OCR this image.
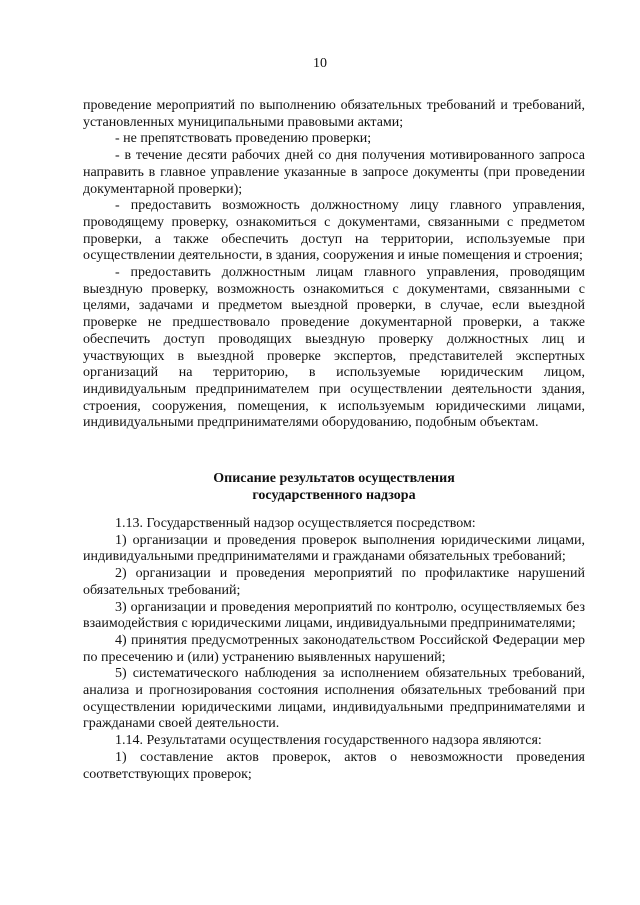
10

проведение мероприятий по выполнению обязательных требований и требований, установленных муниципальными правовыми актами;

- не препятствовать проведению проверки;

- в течение десяти рабочих дней со дня получения мотивированного запроса направить в главное управление указанные в запросе документы (при проведении документарной проверки);

- предоставить возможность должностному лицу главного управления, проводящему проверку, ознакомиться с документами, связанными с предметом проверки, а также обеспечить доступ на территории, используемые при осуществлении деятельности, в здания, сооружения и иные помещения и строения;

- предоставить должностным лицам главного управления, проводящим выездную проверку, возможность ознакомиться с документами, связанными с целями, задачами и предметом выездной проверки, в случае, если выездной проверке не предшествовало проведение документарной проверки, а также обеспечить доступ проводящих выездную проверку должностных лиц и участвующих в выездной проверке экспертов, представителей экспертных организаций на территорию, в используемые юридическим лицом, индивидуальным предпринимателем при осуществлении деятельности здания, строения, сооружения, помещения, к используемым юридическими лицами, индивидуальными предпринимателями оборудованию, подобным объектам.

Описание результатов осуществления

государственного надзора

1.13. Государственный надзор осуществляется посредством:

1) организации и проведения проверок выполнения юридическими лицами, индивидуальными предпринимателями и гражданами обязательных требований;

2) организации и проведения мероприятий по профилактике нарушений обязательных требований;

3) организации и проведения мероприятий по контролю, осуществляемых без взаимодействия с юридическими лицами, индивидуальными предпринимателями;

4) принятия предусмотренных законодательством Российской Федерации мер по пресечению и (или) устранению выявленных нарушений;

5) систематического наблюдения за исполнением обязательных требований, анализа и прогнозирования состояния исполнения обязательных требований при осуществлении юридическими лицами, индивидуальными предпринимателями и гражданами своей деятельности.

1.14. Результатами осуществления государственного надзора являются:

1) составление актов проверок, актов о невозможности проведения соответствующих проверок;
